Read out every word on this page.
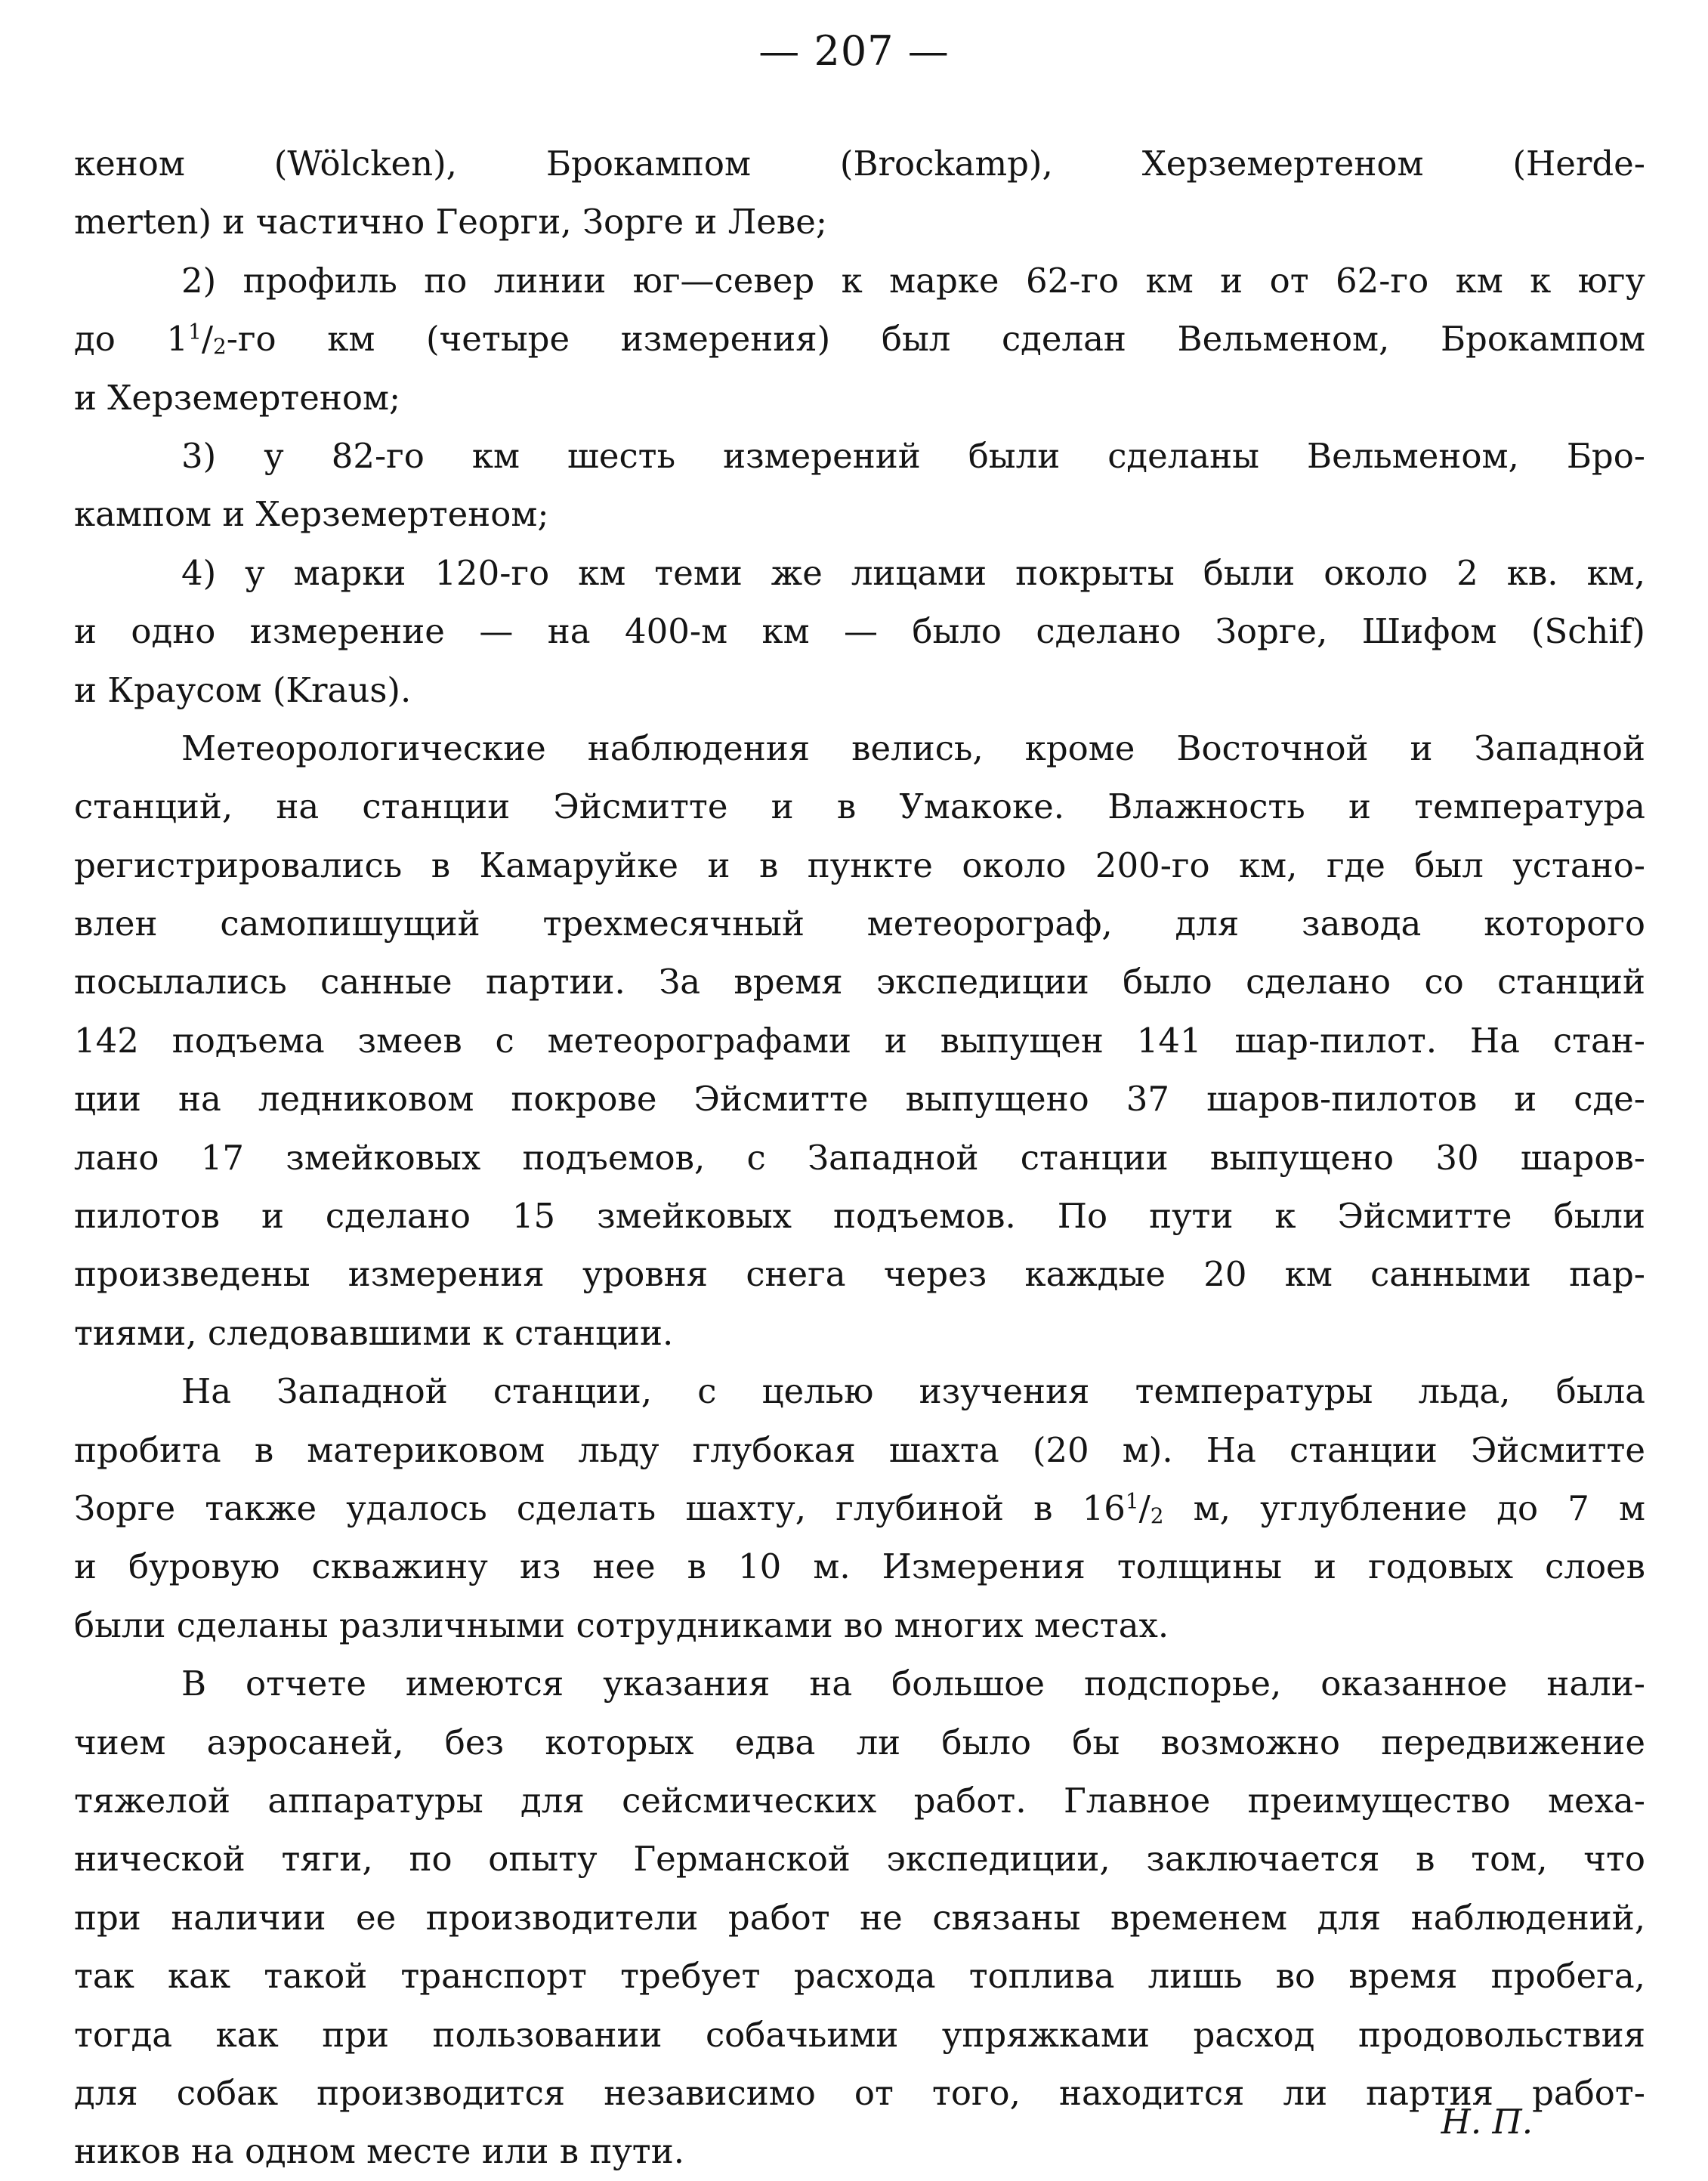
— 207 —
кеном (Wölcken), Брокампом (Brockamp), Херземертеном (Herde-
merten) и частично Георги, Зорге и Леве;
2) профиль по линии юг—север к марке 62-го км и от 62-го км к югу
до $1^1/2-го$ км (четыре измерения) был сделан Вельменом, Брокампом
и Херземертеном;
3) у 82-го км шесть измерений были сделаны Вельменом, Бро-
кампом и Херземертеном;
4) у марки 120-го км теми же лицами покрыты были около 2 кв. км,
и одно измерение — на 400-м км — было сделано Зорге, Шифом (Schif)
и Краусом (Kraus).
Метеорологические наблюдения велись, кроме Восточной и Западной
станций, на станции Эйсмитте и в Умакоке. Влажность и температура
регистрировались в Камаруйке и в пункте около 200-го км, где был устано-
влен самопишущий трехмесячный метеорограф, для завода которого
посылались санные партии. За время экспедиции было сделано со станций
142 подъема змеев с метеорографами и выпущен 141 шар-пилот. На стан-
ции на ледниковом покрове Эйсмитте выпущено 37 шаров-пилотов и сде-
лано 17 змейковых подъемов, с Западной станции выпущено 30 шаров-
пилотов и сделано 15 змейковых подъемов. По пути к Эйсмитте были
произведены измерения уровня снега через каждые 20 км санными пар-
тиями, следовавшими к станции.
На Западной станции, с целью изучения температуры льда, была
пробита в материковом льду глубокая шахта (20 м). На станции Эйсмитте
Зорге также удалось сделать шахту, глубиной в $16^1/2$ м, углубление до 7 м
и буровую скважину из нее в 10 м. Измерения толщины и годовых слоев
были сделаны различными сотрудниками во многих местах.
В отчете имеются указания на большое подспорье, оказанное нали-
чием аэросаней, без которых едва ли было бы возможно передвижение
тяжелой аппаратуры для сейсмических работ. Главное преимущество меха-
нической тяги, по опыту Германской экспедиции, заключается в том, что
при наличии ее производители работ не связаны временем для наблюдений,
так как такой транспорт требует расхода топлива лишь во время пробега,
тогда как при пользовании собачьими упряжками расход продовольствия
для собак производится независимо от того, находится ли партия работ-
ников на одном месте или в пути.
Н. П.
